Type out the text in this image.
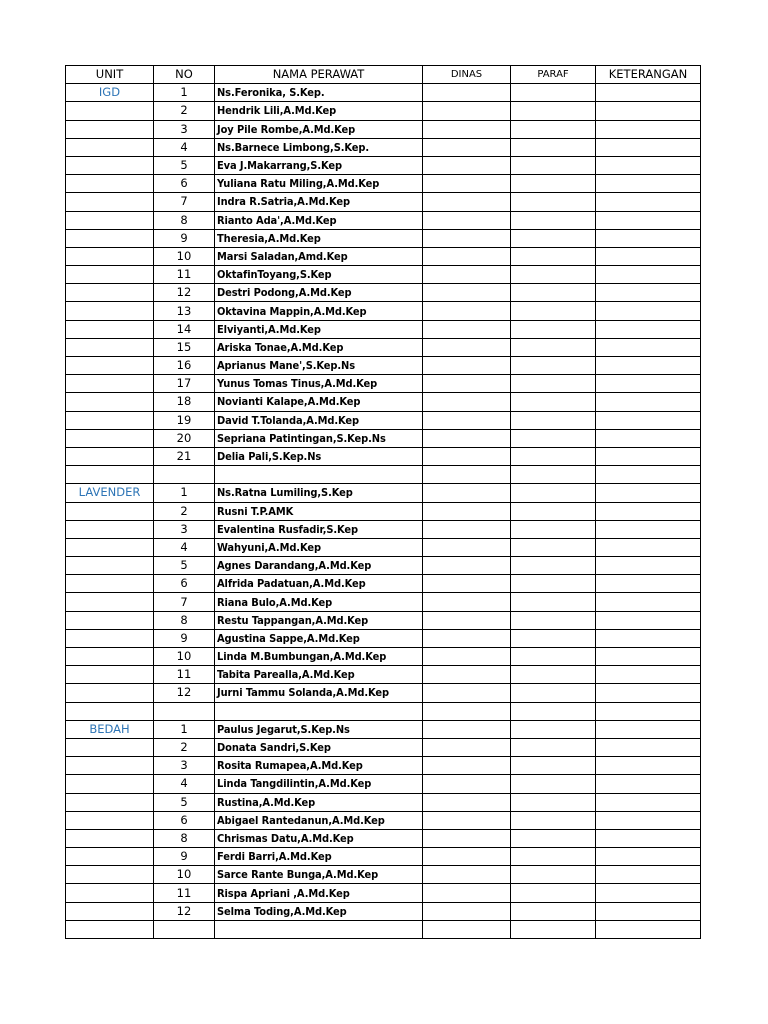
UNIT	NO	NAMA PERAWAT	DINAS	PARAF	KETERANGAN
IGD	1	Ns.Feronika, S.Kep.			
	2	Hendrik Lili,A.Md.Kep			
	3	Joy Pile Rombe,A.Md.Kep			
	4	Ns.Barnece Limbong,S.Kep.			
	5	Eva J.Makarrang,S.Kep			
	6	Yuliana Ratu Miling,A.Md.Kep			
	7	Indra R.Satria,A.Md.Kep			
	8	Rianto Ada',A.Md.Kep			
	9	Theresia,A.Md.Kep			
	10	Marsi Saladan,Amd.Kep			
	11	OktafinToyang,S.Kep			
	12	Destri Podong,A.Md.Kep			
	13	Oktavina Mappin,A.Md.Kep			
	14	Elviyanti,A.Md.Kep			
	15	Ariska Tonae,A.Md.Kep			
	16	Aprianus Mane',S.Kep.Ns			
	17	Yunus Tomas Tinus,A.Md.Kep			
	18	Novianti Kalape,A.Md.Kep			
	19	David T.Tolanda,A.Md.Kep			
	20	Sepriana Patintingan,S.Kep.Ns			
	21	Delia Pali,S.Kep.Ns			

LAVENDER	1	Ns.Ratna Lumiling,S.Kep			
	2	Rusni T.P.AMK			
	3	Evalentina Rusfadir,S.Kep			
	4	Wahyuni,A.Md.Kep			
	5	Agnes Darandang,A.Md.Kep			
	6	Alfrida Padatuan,A.Md.Kep			
	7	Riana Bulo,A.Md.Kep			
	8	Restu Tappangan,A.Md.Kep			
	9	Agustina Sappe,A.Md.Kep			
	10	Linda M.Bumbungan,A.Md.Kep			
	11	Tabita Parealla,A.Md.Kep			
	12	Jurni Tammu Solanda,A.Md.Kep			

BEDAH	1	Paulus Jegarut,S.Kep.Ns			
	2	Donata Sandri,S.Kep			
	3	Rosita Rumapea,A.Md.Kep			
	4	Linda Tangdilintin,A.Md.Kep			
	5	Rustina,A.Md.Kep			
	6	Abigael Rantedanun,A.Md.Kep			
	8	Chrismas Datu,A.Md.Kep			
	9	Ferdi Barri,A.Md.Kep			
	10	Sarce Rante Bunga,A.Md.Kep			
	11	Rispa Apriani ,A.Md.Kep			
	12	Selma Toding,A.Md.Kep			
